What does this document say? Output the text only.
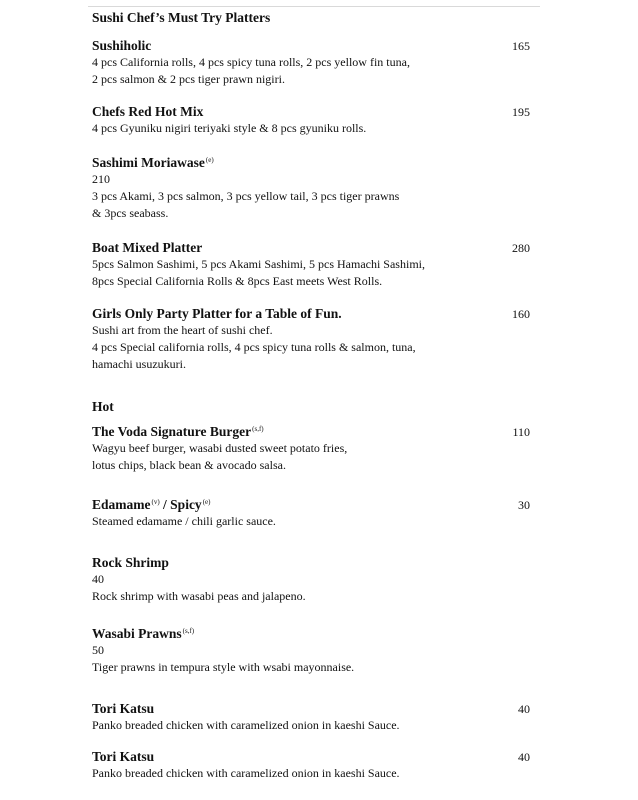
Sushi Chef’s Must Try Platters
Sushiholic
4 pcs California rolls, 4 pcs spicy tuna rolls, 2 pcs yellow fin tuna,
2 pcs salmon & 2 pcs tiger prawn nigiri.
165
Chefs Red Hot Mix
4 pcs Gyuniku nigiri teriyaki style & 8 pcs gyuniku rolls.
195
Sashimi Moriawase$^{(e)}$
210
3 pcs Akami, 3 pcs salmon, 3 pcs yellow tail, 3 pcs tiger prawns
& 3pcs seabass.
Boat Mixed Platter
5pcs Salmon Sashimi, 5 pcs Akami Sashimi, 5 pcs Hamachi Sashimi,
8pcs Special California Rolls & 8pcs East meets West Rolls.
280
Girls Only Party Platter for a Table of Fun.
Sushi art from the heart of sushi chef.
4 pcs Special california rolls, 4 pcs spicy tuna rolls & salmon, tuna,
hamachi usuzukuri.
160
Hot
The Voda Signature Burger$^{(s,f)}$
Wagyu beef burger, wasabi dusted sweet potato fries,
lotus chips, black bean & avocado salsa.
110
Edamame$^{(v)}$ / Spicy$^{(e)}$
Steamed edamame / chili garlic sauce.
30
Rock Shrimp
40
Rock shrimp with wasabi peas and jalapeno.
Wasabi Prawns$^{(s,f)}$
50
Tiger prawns in tempura style with wsabi mayonnaise.
Tori Katsu
Panko breaded chicken with caramelized onion in kaeshi Sauce.
40
Tori Katsu
Panko breaded chicken with caramelized onion in kaeshi Sauce.
40
